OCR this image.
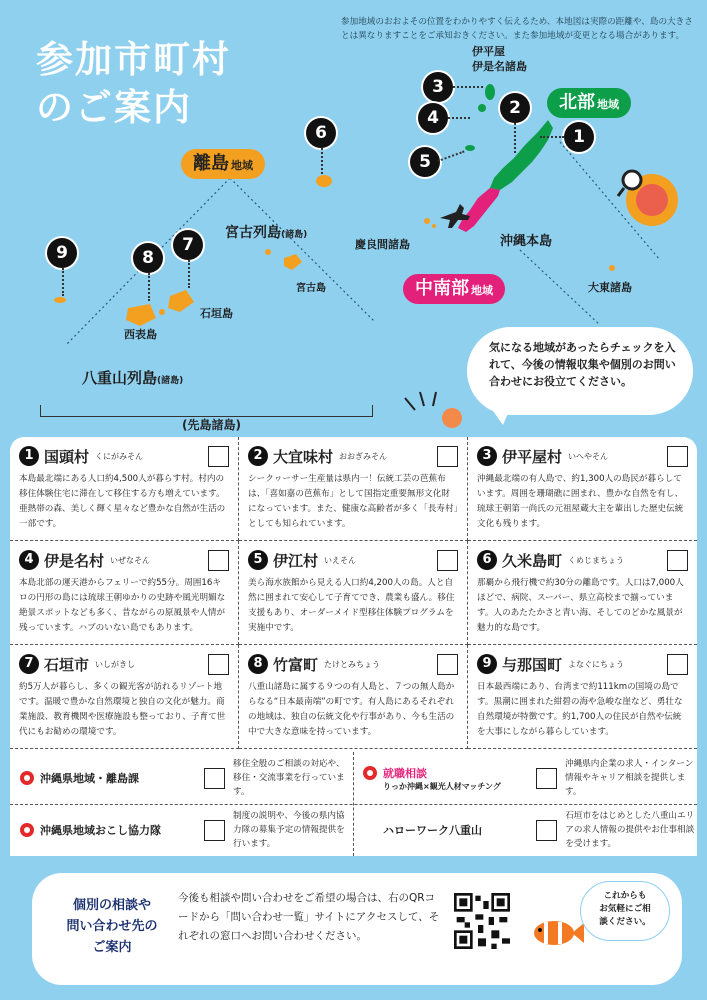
参加市町村
のご案内
参加地域のおおよその位置をわかりやすく伝えるため、本地図は実際の距離や、島の大きさとは異なりますことをご承知おきください。また参加地域が変更となる場合があります。
北部 地域
離島 地域
中南部 地域
伊平屋
伊是名諸島
沖縄本島
慶良間諸島
宮古列島(諸島)
宮古島	大東諸島
石垣島
西表島
八重山列島(諸島)
1
2
3
4
5
6
7
8
9
気になる地域があったらチェックを入れて、今後の情報収集や個別のお問い合わせにお役立てください。
(先島諸島)
1 国頭村 くにがみそん
本島最北端にある人口約4,500人が暮らす村。村内の移住体験住宅に滞在して移住する方も増えています。亜熱帯の森、美しく輝く星々など豊かな自然が生活の一部です。
2 大宜味村 おおぎみそん
シークヮーサー生産量は県内一！伝統工芸の芭蕉布は、「喜如嘉の芭蕉布」として国指定重要無形文化財になっています。また、健康な高齢者が多く「長寿村」としても知られています。
3 伊平屋村 いへやそん
沖縄最北端の有人島で、約1,300人の島民が暮らしています。周囲を珊瑚礁に囲まれ、豊かな自然を有し、琉球王朝第一尚氏の元祖屋蔵大主を輩出した歴史伝統文化も残ります。
4 伊是名村 いぜなそん
本島北部の運天港からフェリーで約55分。周囲16キロの円形の島には琉球王朝ゆかりの史跡や風光明媚な絶景スポットなども多く、昔ながらの原風景や人情が残っています。ハブのいない島でもあります。
5 伊江村 いえそん
美ら海水族館から見える人口約4,200人の島。人と自然に囲まれて安心して子育てでき、農業も盛ん。移住支援もあり、オーダーメイド型移住体験プログラムを実施中です。
6 久米島町 くめじまちょう
那覇から飛行機で約30分の離島です。人口は7,000人ほどで、病院、スーパー、県立高校まで揃っています。人のあたたかさと青い海、そしてのどかな風景が魅力的な島です。
7 石垣市 いしがきし
約5万人が暮らし、多くの観光客が訪れるリゾート地です。温暖で豊かな自然環境と独自の文化が魅力。商業施設、教育機関や医療施設も整っており、子育て世代にもお勧めの環境です。
8 竹富町 たけとみちょう
八重山諸島に属する９つの有人島と、７つの無人島からなる“日本最南端”の町です。有人島にあるそれぞれの地域は、独自の伝統文化や行事があり、今も生活の中で大きな意味を持っています。
9 与那国町 よなぐにちょう
日本最西端にあり、台湾まで約111kmの国境の島です。黒潮に囲まれた紺碧の海や急峻な崖など、勇壮な自然環境が特徴です。約1,700人の住民が自然や伝統を大事にしながら暮らしています。
沖縄県地域・離島課
移住全般のご相談の対応や、移住・交流事業を行っています。
就職相談
りっか沖縄×観光人材マッチング
沖縄県内企業の求人・インターン情報やキャリア相談を提供します。
沖縄県地域おこし協力隊
制度の説明や、今後の県内協力隊の募集予定の情報提供を行います。
ハローワーク八重山
石垣市をはじめとした八重山エリアの求人情報の提供やお仕事相談を受けます。
個別の相談や
問い合わせ先の
ご案内
今後も相談や問い合わせをご希望の場合は、右のQRコードから「問い合わせ一覧」サイトにアクセスして、それぞれの窓口へお問い合わせください。
これからも
お気軽にご相
談ください。
